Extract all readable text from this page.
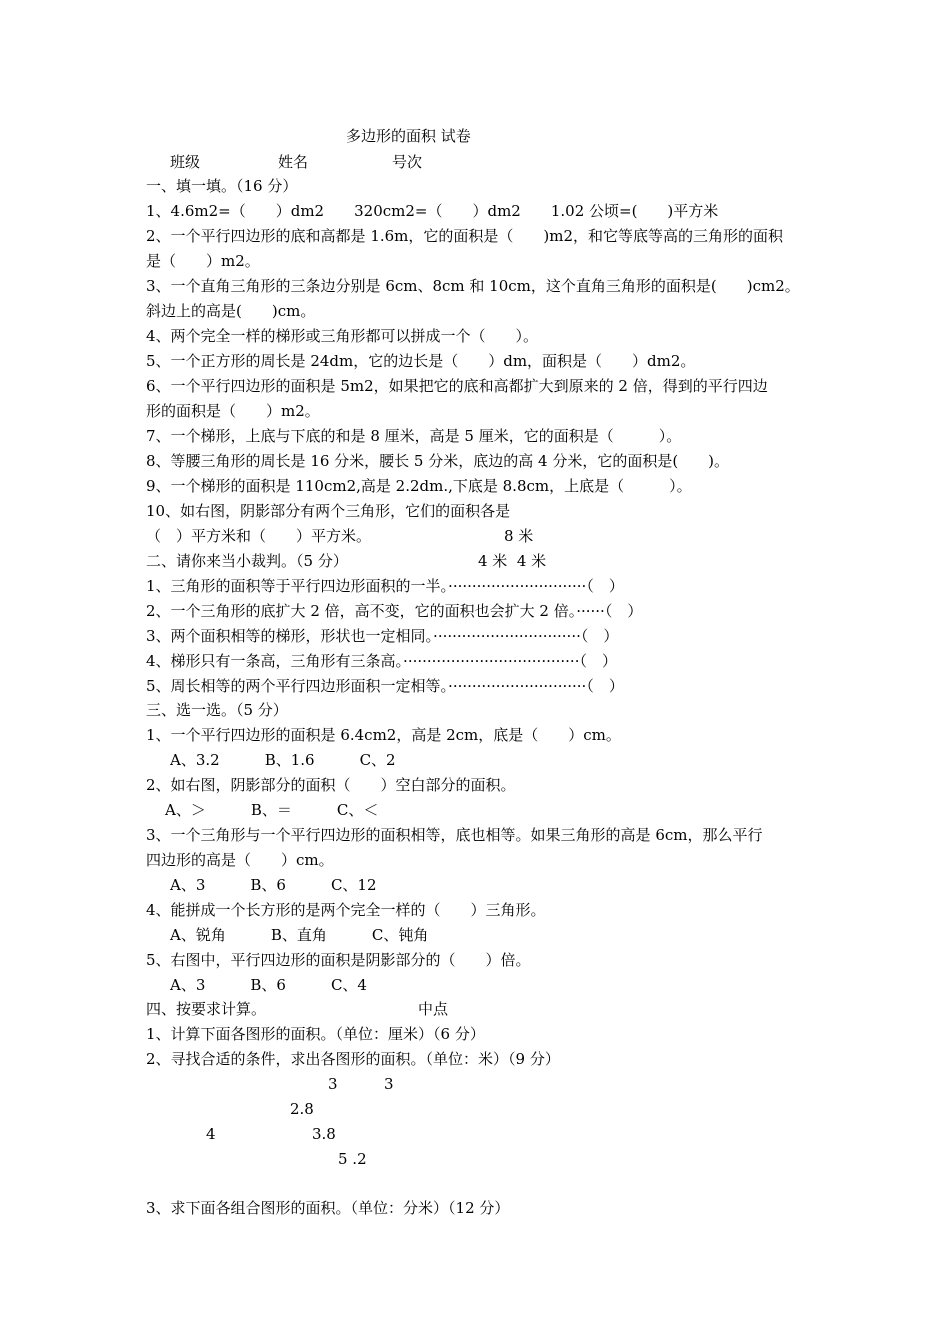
多边形的面积 试卷
班级	姓名	号次
一、填一填。（16 分）
1、4.6m2=（　　）dm2　　320cm2=（　　）dm2　　1.02 公顷=(　　)平方米
2、一个平行四边形的底和高都是 1.6m，它的面积是（　　)m2，和它等底等高的三角形的面积
是（　　）m2。
3、一个直角三角形的三条边分别是 6cm、8cm 和 10cm，这个直角三角形的面积是(　　)cm2。
斜边上的高是(　　)cm。
4、两个完全一样的梯形或三角形都可以拼成一个（　　）。
5、一个正方形的周长是 24dm，它的边长是（　　）dm，面积是（　　）dm2。
6、一个平行四边形的面积是 5m2，如果把它的底和高都扩大到原来的 2 倍，得到的平行四边
形的面积是（　　）m2。
7、一个梯形，上底与下底的和是 8 厘米，高是 5 厘米，它的面积是（　　　）。
8、等腰三角形的周长是 16 分米，腰长 5 分米，底边的高 4 分米，它的面积是(　　)。
9、一个梯形的面积是 110cm2,高是 2.2dm.,下底是 8.8cm，上底是（　　　）。
10、如右图，阴影部分有两个三角形，它们的面积各是
（　）平方米和（　　）平方米。	8 米
二、请你来当小裁判。（5 分）	4 米  4 米
1、三角形的面积等于平行四边形面积的一半。·····························（　）
2、一个三角形的底扩大 2 倍，高不变，它的面积也会扩大 2 倍。······（　）
3、两个面积相等的梯形，形状也一定相同。·······························（　）
4、梯形只有一条高，三角形有三条高。·····································（　）
5、周长相等的两个平行四边形面积一定相等。·····························（　）
三、选一选。（5 分）
1、一个平行四边形的面积是 6.4cm2，高是 2cm，底是（　　）cm。
A、3.2　　　B、1.6　　　C、2
2、如右图，阴影部分的面积（　　）空白部分的面积。
A、＞　　　B、＝　　　C、＜
3、一个三角形与一个平行四边形的面积相等，底也相等。如果三角形的高是 6cm，那么平行
四边形的高是（　　）cm。
A、3　　　B、6　　　C、12
4、能拼成一个长方形的是两个完全一样的（　　）三角形。
A、锐角　　　B、直角　　　C、钝角
5、右图中，平行四边形的面积是阴影部分的（　　）倍。
A、3　　　B、6　　　C、4
四、按要求计算。	中点
1、计算下面各图形的面积。（单位：厘米）（6 分）
2、寻找合适的条件，求出各图形的面积。（单位：米）（9 分）
3	3
2.8
4	3.8
5 .2
3、求下面各组合图形的面积。（单位：分米）（12 分）
